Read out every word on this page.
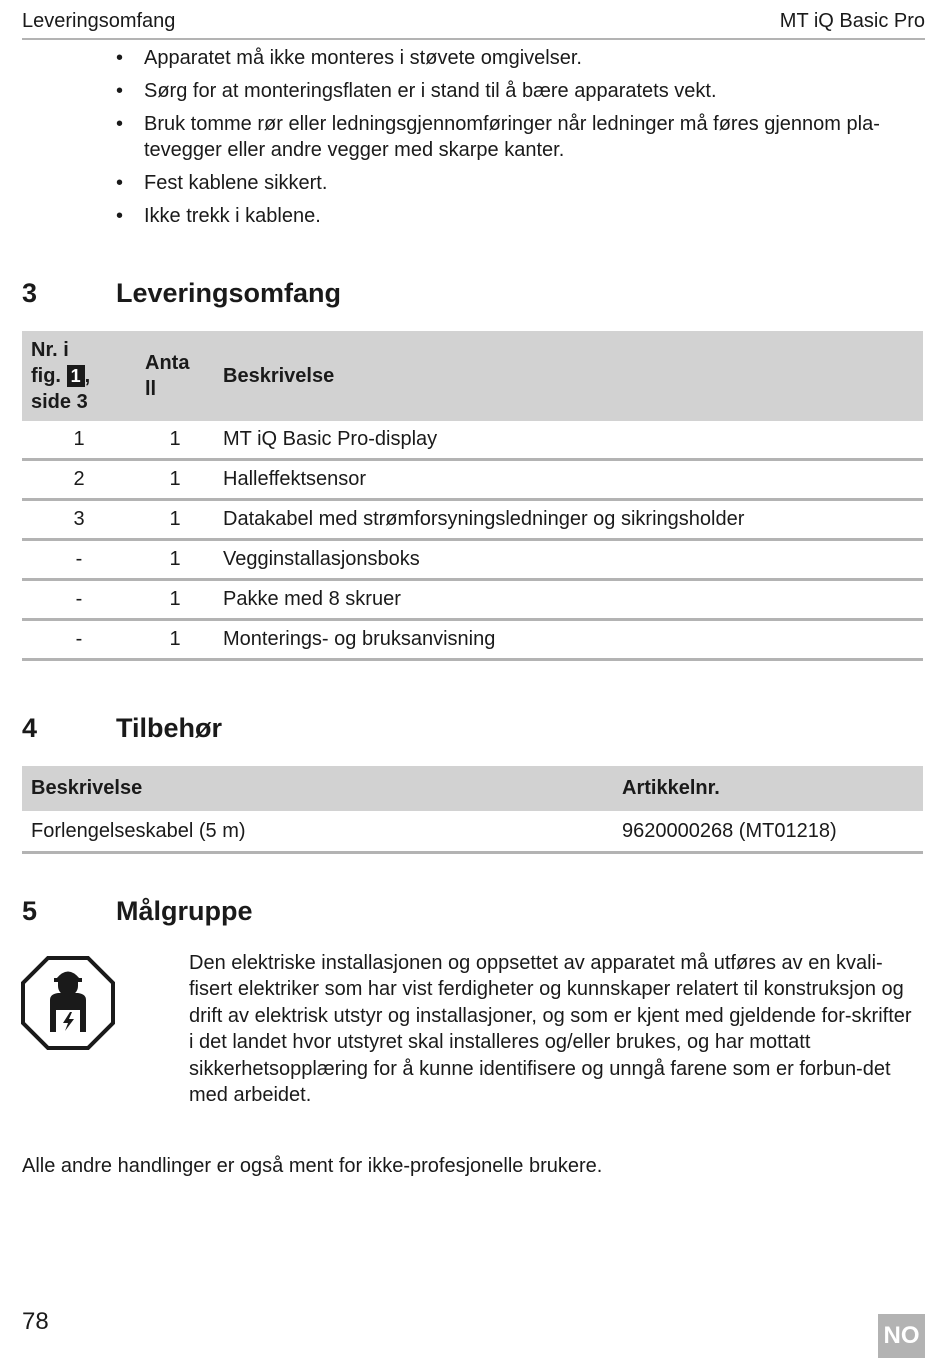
Leveringsomfang	MT iQ Basic Pro
• Apparatet må ikke monteres i støvete omgivelser.
• Sørg for at monteringsflaten er i stand til å bære apparatets vekt.
• Bruk tomme rør eller ledningsgjennomføringer når ledninger må føres gjennom pla-tevegger eller andre vegger med skarpe kanter.
• Fest kablene sikkert.
• Ikke trekk i kablene.
3	Leveringsomfang
Nr. i
fig. 1 ,
side 3	Anta
ll	Beskrivelse
1	1	MT iQ Basic Pro-display
2	1	Halleffektsensor
3	1	Datakabel med strømforsyningsledninger og sikringsholder
-	1	Vegginstallasjonsboks
-	1	Pakke med 8 skruer
-	1	Monterings- og bruksanvisning
4	Tilbehør
Beskrivelse	Artikkelnr.
Forlengelseskabel (5 m)	9620000268 (MT01218)
5	Målgruppe

Den elektriske installasjonen og oppsettet av apparatet må utføres av en kvali-fisert elektriker som har vist ferdigheter og kunnskaper relatert til konstruksjon og drift av elektrisk utstyr og installasjoner, og som er kjent med gjeldende for-skrifter i det landet hvor utstyret skal installeres og/eller brukes, og har mottatt sikkerhetsopplæring for å kunne identifisere og unngå farene som er forbun-det med arbeidet.

Alle andre handlinger er også ment for ikke-profesjonelle brukere.

78
NO
